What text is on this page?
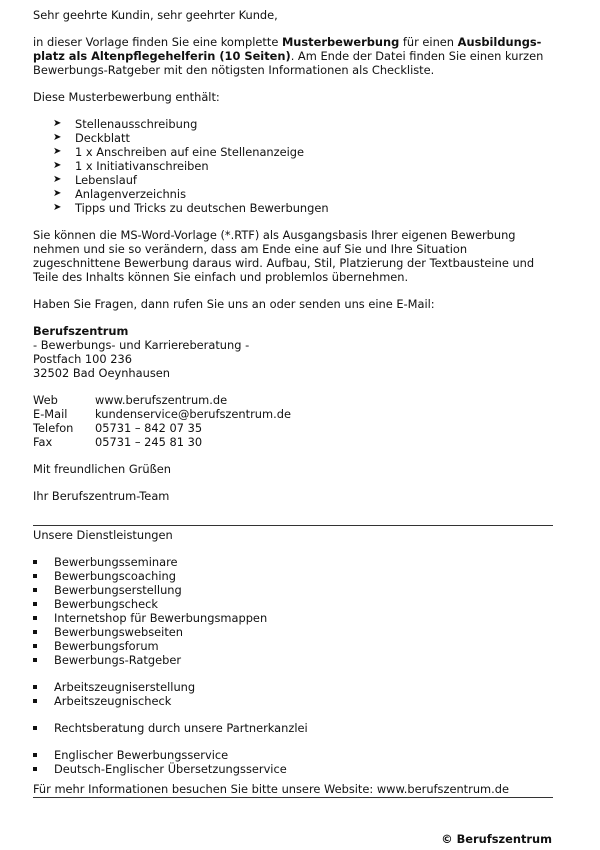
Sehr geehrte Kundin, sehr geehrter Kunde,

in dieser Vorlage finden Sie eine komplette Musterbewerbung für einen Ausbildungs-platz als Altenpflegehelferin (10 Seiten). Am Ende der Datei finden Sie einen kurzen Bewerbungs-Ratgeber mit den nötigsten Informationen als Checkliste.

Diese Musterbewerbung enthält:

➤ Stellenausschreibung
➤ Deckblatt
➤ 1 x Anschreiben auf eine Stellenanzeige
➤ 1 x Initiativanschreiben
➤ Lebenslauf
➤ Anlagenverzeichnis
➤ Tipps und Tricks zu deutschen Bewerbungen

Sie können die MS-Word-Vorlage (*.RTF) als Ausgangsbasis Ihrer eigenen Bewerbung nehmen und sie so verändern, dass am Ende eine auf Sie und Ihre Situation zugeschnittene Bewerbung daraus wird. Aufbau, Stil, Platzierung der Textbausteine und Teile des Inhalts können Sie einfach und problemlos übernehmen.

Haben Sie Fragen, dann rufen Sie uns an oder senden uns eine E-Mail:

Berufszentrum

- Bewerbungs- und Karriereberatung -

Postfach 100 236

32502 Bad Oeynhausen

Web	www.berufszentrum.de
E-Mail	kundenservice@berufszentrum.de
Telefon	05731 – 842 07 35
Fax	05731 – 245 81 30

Mit freundlichen Grüßen

Ihr Berufszentrum-Team

Unsere Dienstleistungen

Bewerbungsseminare
Bewerbungscoaching
Bewerbungserstellung
Bewerbungscheck
Internetshop für Bewerbungsmappen
Bewerbungswebseiten
Bewerbungsforum
Bewerbungs-Ratgeber
Arbeitszeugniserstellung
Arbeitszeugnischeck
Rechtsberatung durch unsere Partnerkanzlei
Englischer Bewerbungsservice
Deutsch-Englischer Übersetzungsservice

Für mehr Informationen besuchen Sie bitte unsere Website: www.berufszentrum.de

© Berufszentrum
